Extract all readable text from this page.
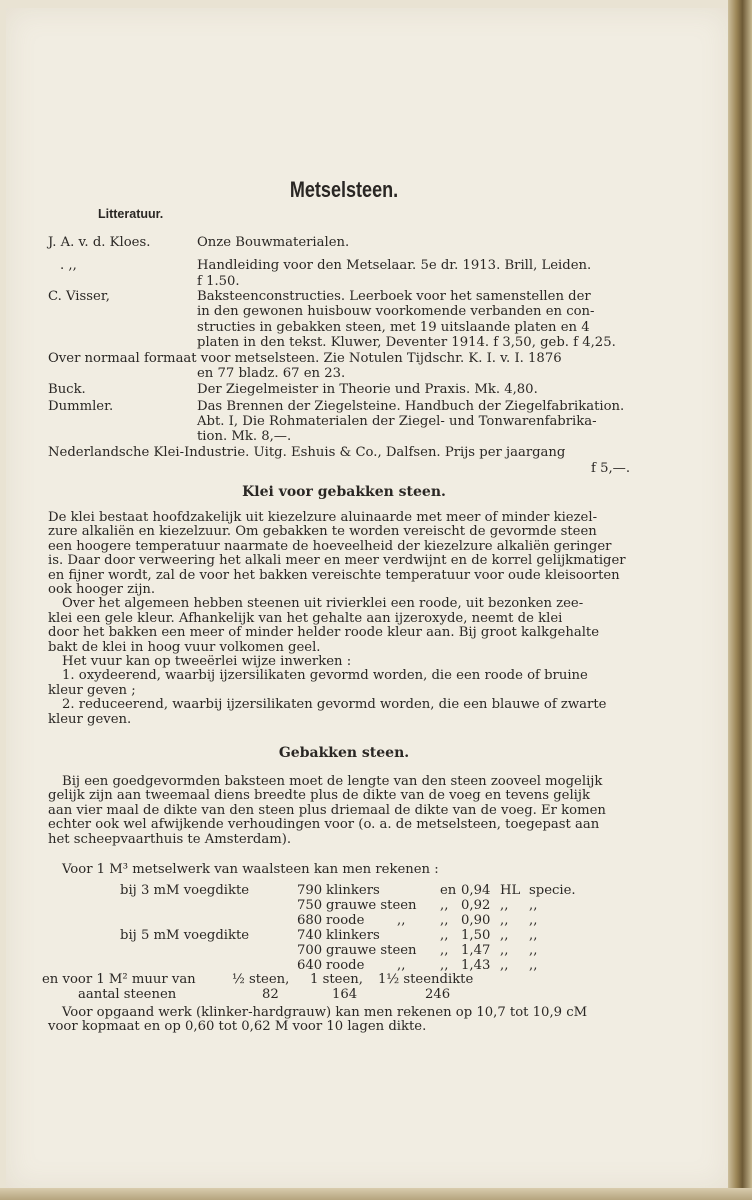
Metselsteen.
Litteratuur.
J. A. v. d. Kloes.	Onze Bouwmaterialen.
. ,,	Handleiding voor den Metselaar. 5e dr. 1913. Brill, Leiden.
f 1.50.
C. Visser,	Baksteenconstructies. Leerboek voor het samenstellen der
in den gewonen huisbouw voorkomende verbanden en con-
structies in gebakken steen, met 19 uitslaande platen en 4
platen in den tekst. Kluwer, Deventer 1914. f 3,50, geb. f 4,25.
Over normaal formaat voor metselsteen. Zie Notulen Tijdschr. K. I. v. I. 1876
en 77 bladz. 67 en 23.
Buck.	Der Ziegelmeister in Theorie und Praxis. Mk. 4,80.
Dummler.	Das Brennen der Ziegelsteine. Handbuch der Ziegelfabrikation.
Abt. I, Die Rohmaterialen der Ziegel- und Tonwarenfabrika-
tion. Mk. 8,—.
Nederlandsche Klei-Industrie. Uitg. Eshuis & Co., Dalfsen. Prijs per jaargang
f 5,—.
Klei voor gebakken steen.
De klei bestaat hoofdzakelijk uit kiezelzure aluinaarde met meer of minder kiezel-
zure alkaliën en kiezelzuur. Om gebakken te worden vereischt de gevormde steen
een hoogere temperatuur naarmate de hoeveelheid der kiezelzure alkaliën geringer
is. Daar door verweering het alkali meer en meer verdwijnt en de korrel gelijkmatiger
en fijner wordt, zal de voor het bakken vereischte temperatuur voor oude kleisoorten
ook hooger zijn.
Over het algemeen hebben steenen uit rivierklei een roode, uit bezonken zee-
klei een gele kleur. Afhankelijk van het gehalte aan ijzeroxyde, neemt de klei
door het bakken een meer of minder helder roode kleur aan. Bij groot kalkgehalte
bakt de klei in hoog vuur volkomen geel.
Het vuur kan op tweeërlei wijze inwerken :
1. oxydeerend, waarbij ijzersilikaten gevormd worden, die een roode of bruine
kleur geven ;
2. reduceerend, waarbij ijzersilikaten gevormd worden, die een blauwe of zwarte
kleur geven.
Gebakken steen.
Bij een goedgevormden baksteen moet de lengte van den steen zooveel mogelijk
gelijk zijn aan tweemaal diens breedte plus de dikte van de voeg en tevens gelijk
aan vier maal de dikte van den steen plus driemaal de dikte van de voeg. Er komen
echter ook wel afwijkende verhoudingen voor (o. a. de metselsteen, toegepast aan
het scheepvaarthuis te Amsterdam).
Voor 1 M³ metselwerk van waalsteen kan men rekenen :
bij 3 mM voegdikte	790 klinkers	en 0,94 HL specie.
750 grauwe steen ,, 0,92 ,, ,,
680 roode ,,	,, 0,90 ,, ,,
bij 5 mM voegdikte	740 klinkers	,, 1,50 ,, ,,
700 grauwe steen ,, 1,47 ,, ,,
640 roode ,,	,, 1,43 ,, ,,
en voor 1 M² muur van	½ steen, 1 steen, 1½ steendikte
aantal steenen	82	164	246
Voor opgaand werk (klinker-hardgrauw) kan men rekenen op 10,7 tot 10,9 cM
voor kopmaat en op 0,60 tot 0,62 M voor 10 lagen dikte.
